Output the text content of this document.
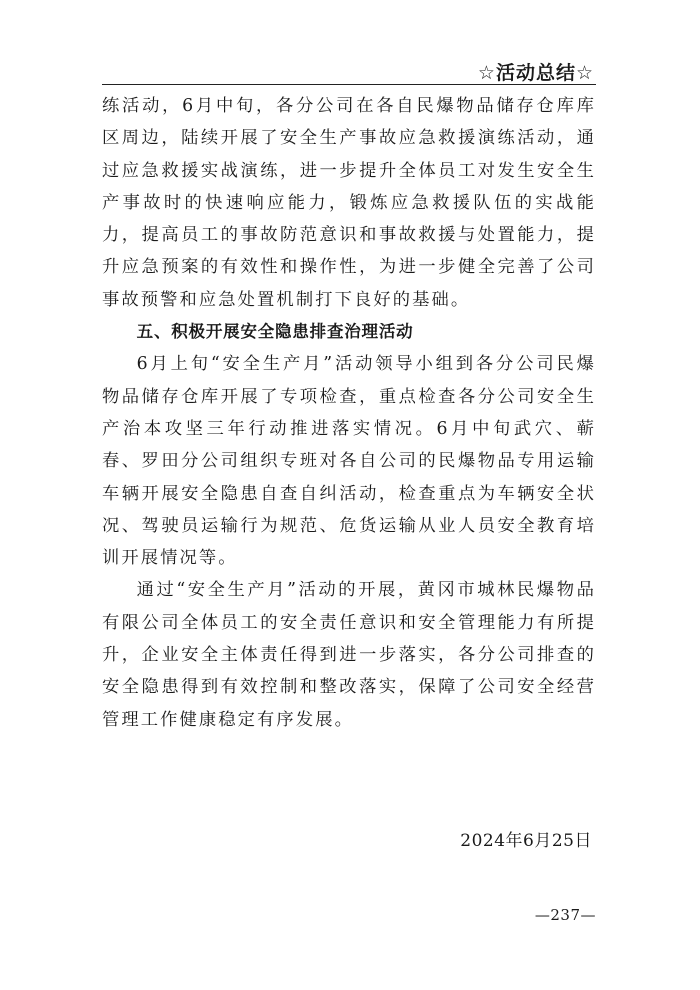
☆活动总结☆

练活动，6月中旬，各分公司在各自民爆物品储存仓库库区周边，陆续开展了安全生产事故应急救援演练活动，通过应急救援实战演练，进一步提升全体员工对发生安全生产事故时的快速响应能力，锻炼应急救援队伍的实战能力，提高员工的事故防范意识和事故救援与处置能力，提升应急预案的有效性和操作性，为进一步健全完善了公司事故预警和应急处置机制打下良好的基础。

五、积极开展安全隐患排查治理活动

6月上旬“安全生产月”活动领导小组到各分公司民爆物品储存仓库开展了专项检查，重点检查各分公司安全生产治本攻坚三年行动推进落实情况。6月中旬武穴、蕲春、罗田分公司组织专班对各自公司的民爆物品专用运输车辆开展安全隐患自查自纠活动，检查重点为车辆安全状况、驾驶员运输行为规范、危货运输从业人员安全教育培训开展情况等。

通过“安全生产月”活动的开展，黄冈市城林民爆物品有限公司全体员工的安全责任意识和安全管理能力有所提升，企业安全主体责任得到进一步落实，各分公司排查的安全隐患得到有效控制和整改落实，保障了公司安全经营管理工作健康稳定有序发展。

2024年6月25日
—237—
